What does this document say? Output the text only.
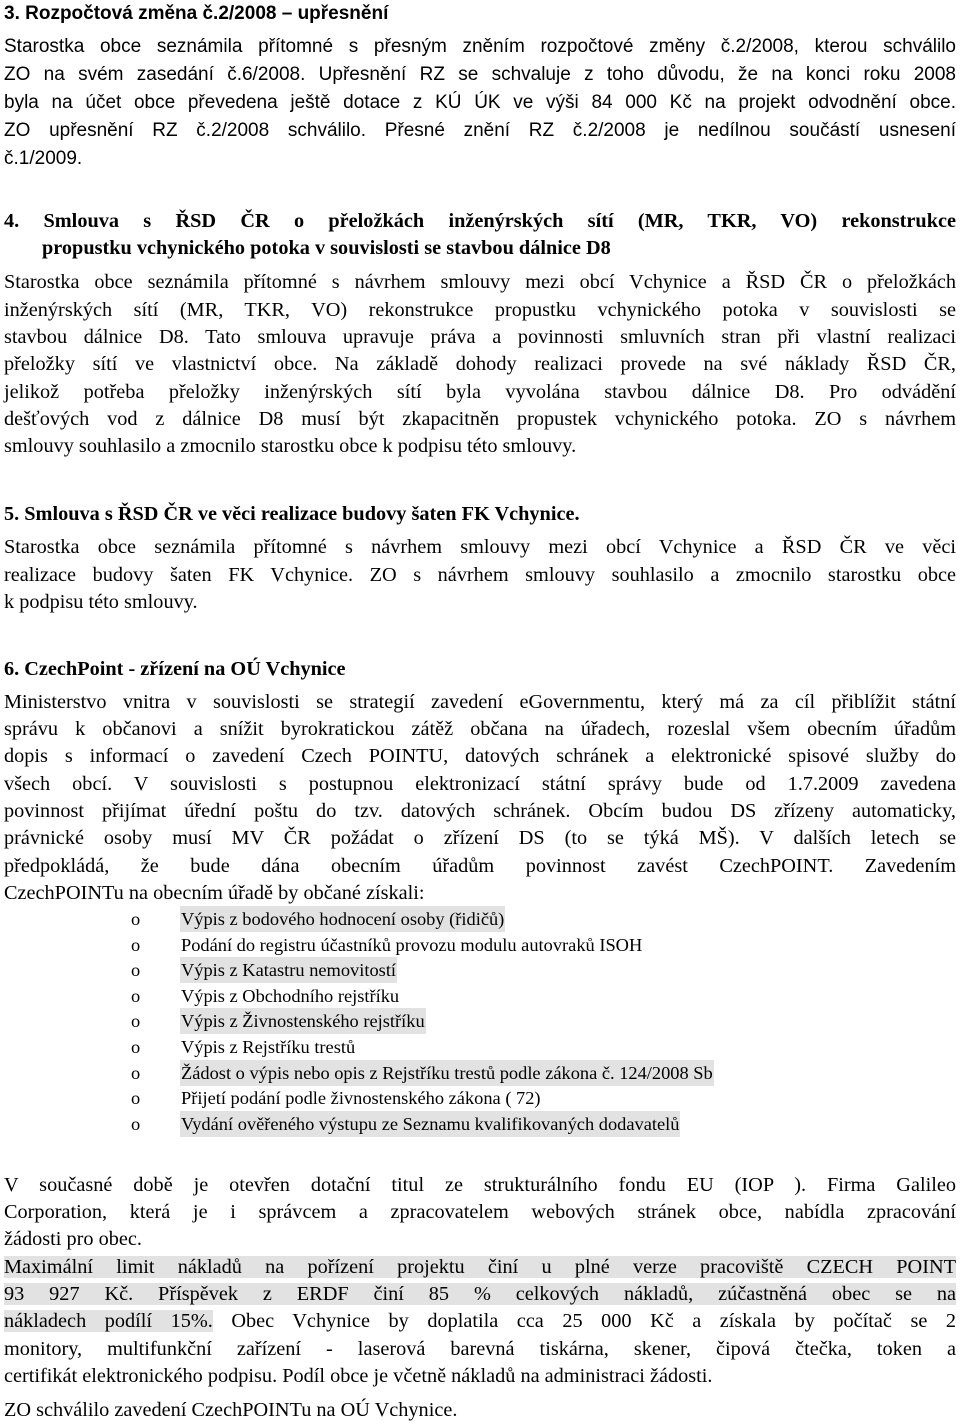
3. Rozpočtová změna č.2/2008 – upřesnění
Starostka obce seznámila přítomné s přesným zněním rozpočtové změny č.2/2008, kterou schválilo
ZO na svém zasedání č.6/2008. Upřesnění RZ se schvaluje z toho důvodu, že na konci roku 2008
byla na účet obce převedena ještě dotace z KÚ ÚK ve výši 84 000 Kč na projekt odvodnění obce.
ZO upřesnění RZ č.2/2008 schválilo. Přesné znění RZ č.2/2008 je nedílnou součástí usnesení
č.1/2009.
4. Smlouva s ŘSD ČR o přeložkách inženýrských sítí (MR, TKR, VO) rekonstrukce
propustku vchynického potoka v souvislosti se stavbou dálnice D8
Starostka obce seznámila přítomné s návrhem smlouvy mezi obcí Vchynice a ŘSD ČR o přeložkách
inženýrských sítí (MR, TKR, VO) rekonstrukce propustku vchynického potoka v souvislosti se
stavbou dálnice D8. Tato smlouva upravuje práva a povinnosti smluvních stran při vlastní realizaci
přeložky sítí ve vlastnictví obce. Na základě dohody realizaci provede na své náklady ŘSD ČR,
jelikož potřeba přeložky inženýrských sítí byla vyvolána stavbou dálnice D8. Pro odvádění
dešťových vod z dálnice D8 musí být zkapacitněn propustek vchynického potoka. ZO s návrhem
smlouvy souhlasilo a zmocnilo starostku obce k podpisu této smlouvy.
5. Smlouva s ŘSD ČR ve věci realizace budovy šaten FK Vchynice.
Starostka obce seznámila přítomné s návrhem smlouvy mezi obcí Vchynice a ŘSD ČR ve věci
realizace budovy šaten FK Vchynice. ZO s návrhem smlouvy souhlasilo a zmocnilo starostku obce
k podpisu této smlouvy.
6. CzechPoint - zřízení na OÚ Vchynice
Ministerstvo vnitra v souvislosti se strategií zavedení eGovernmentu, který má za cíl přiblížit státní
správu k občanovi a snížit byrokratickou zátěž občana na úřadech, rozeslal všem obecním úřadům
dopis s informací o zavedení Czech POINTU, datových schránek a elektronické spisové služby do
všech obcí. V souvislosti s postupnou elektronizací státní správy bude od 1.7.2009 zavedena
povinnost přijímat úřední poštu do tzv. datových schránek. Obcím budou DS zřízeny automaticky,
právnické osoby musí MV ČR požádat o zřízení DS (to se týká MŠ). V dalších letech se
předpokládá, že bude dána obecním úřadům povinnost zavést CzechPOINT. Zavedením
CzechPOINTu na obecním úřadě by občané získali:
o Výpis z bodového hodnocení osoby (řidičů)
o Podání do registru účastníků provozu modulu autovraků ISOH
o Výpis z Katastru nemovitostí
o Výpis z Obchodního rejstříku
o Výpis z Živnostenského rejstříku
o Výpis z Rejstříku trestů
o Žádost o výpis nebo opis z Rejstříku trestů podle zákona č. 124/2008 Sb
o Přijetí podání podle živnostenského zákona ( 72)
o Vydání ověřeného výstupu ze Seznamu kvalifikovaných dodavatelů
V současné době je otevřen dotační titul ze strukturálního fondu EU (IOP ). Firma Galileo
Corporation, která je i správcem a zpracovatelem webových stránek obce, nabídla zpracování
žádosti pro obec.
Maximální limit nákladů na pořízení projektu činí u plné verze pracoviště CZECH POINT
93 927 Kč. Příspěvek z ERDF činí 85 % celkových nákladů, zúčastněná obec se na
nákladech podílí 15%. Obec Vchynice by doplatila cca 25 000 Kč a získala by počítač se 2
monitory, multifunkční zařízení - laserová barevná tiskárna, skener, čipová čtečka, token a
certifikát elektronického podpisu. Podíl obce je včetně nákladů na administraci žádosti.
ZO schválilo zavedení CzechPOINTu na OÚ Vchynice.
